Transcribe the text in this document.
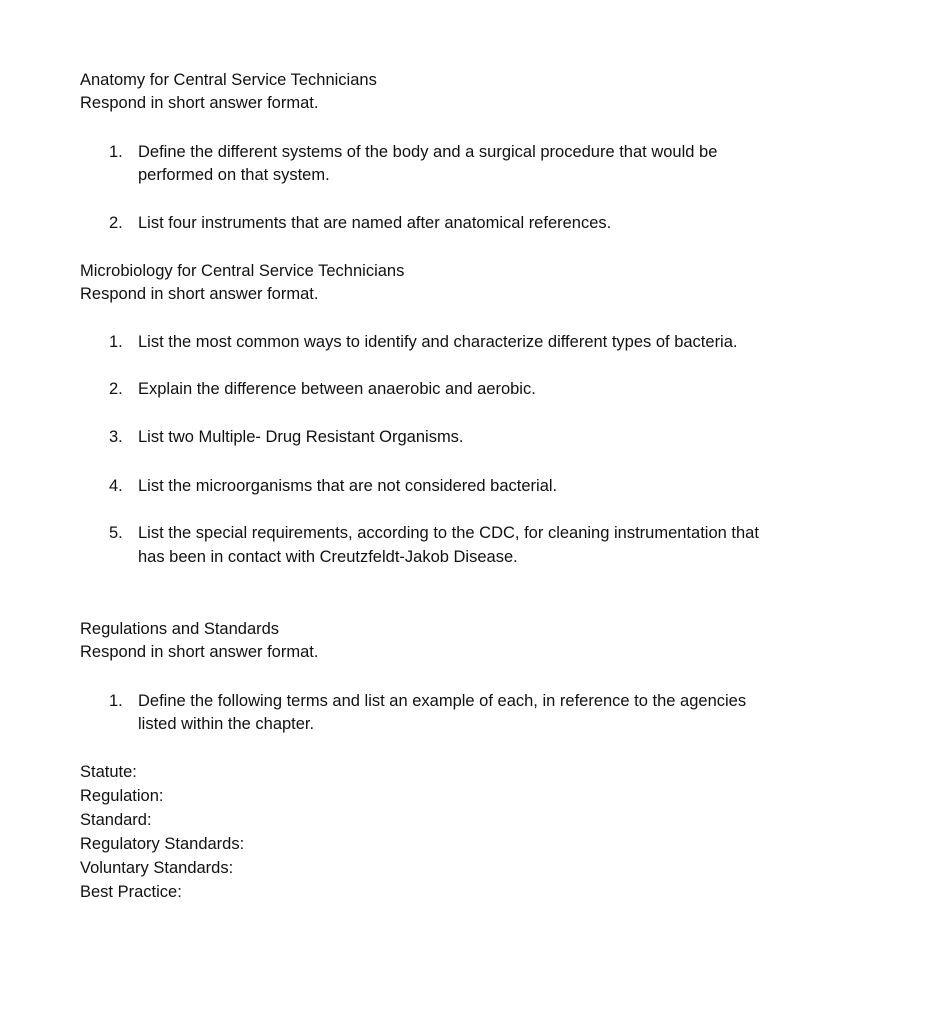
Anatomy for Central Service Technicians
Respond in short answer format.
1. Define the different systems of the body and a surgical procedure that would be
performed on that system.
2. List four instruments that are named after anatomical references.
Microbiology for Central Service Technicians
Respond in short answer format.
1. List the most common ways to identify and characterize different types of bacteria.
2. Explain the difference between anaerobic and aerobic.
3. List two Multiple- Drug Resistant Organisms.
4. List the microorganisms that are not considered bacterial.
5. List the special requirements, according to the CDC, for cleaning instrumentation that
has been in contact with Creutzfeldt-Jakob Disease.
Regulations and Standards
Respond in short answer format.
1. Define the following terms and list an example of each, in reference to the agencies
listed within the chapter.
Statute:
Regulation:
Standard:
Regulatory Standards:
Voluntary Standards:
Best Practice:
